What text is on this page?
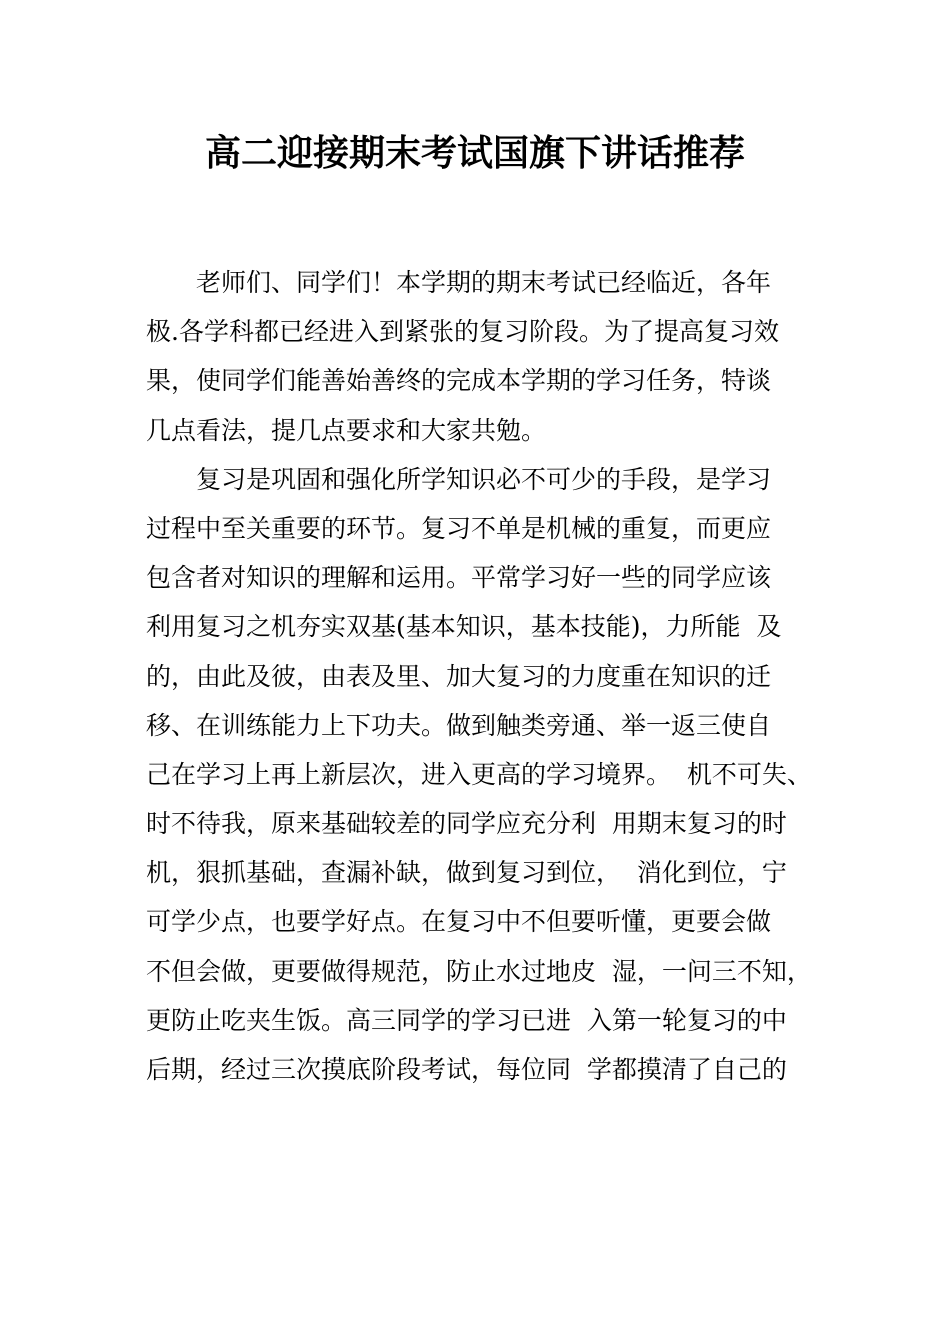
高二迎接期末考试国旗下讲话推荐
老师们、同学们！本学期的期末考试已经临近，各年
极.各学科都已经进入到紧张的复习阶段。为了提高复习效
果，使同学们能善始善终的完成本学期的学习任务，特谈
几点看法，提几点要求和大家共勉。
复习是巩固和强化所学知识必不可少的手段，是学习
过程中至关重要的环节。复习不单是机械的重复，而更应
包含者对知识的理解和运用。平常学习好一些的同学应该
利用复习之机夯实双基(基本知识，基本技能)，力所能  及
的，由此及彼，由表及里、加大复习的力度重在知识的迁
移、在训练能力上下功夫。做到触类旁通、举一返三使自
己在学习上再上新层次，进入更高的学习境界。  机不可失、
时不待我，原来基础较差的同学应充分利  用期末复习的时
机，狠抓基础，查漏补缺，做到复习到位，  消化到位，宁
可学少点，也要学好点。在复习中不但要听懂，更要会做
不但会做，更要做得规范，防止水过地皮  湿，一问三不知，
更防止吃夹生饭。高三同学的学习已进  入第一轮复习的中
后期，经过三次摸底阶段考试，每位同  学都摸清了自己的
